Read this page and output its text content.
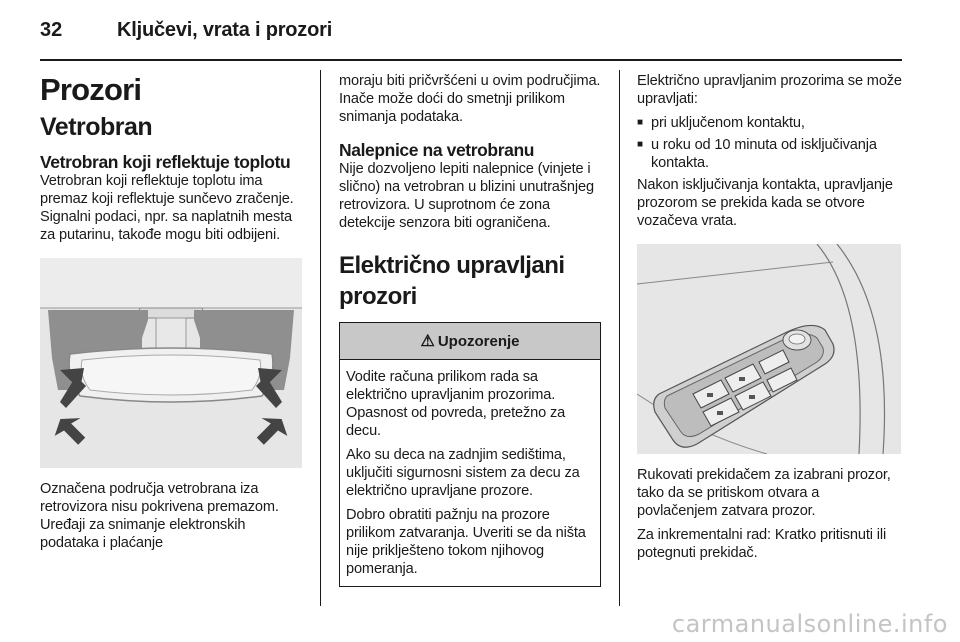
32	Ključevi, vrata i prozori
Prozori
Vetrobran
Vetrobran koji reflektuje toplotu

Vetrobran koji reflektuje toplotu ima premaz koji reflektuje sunčevo zračenje. Signalni podaci, npr. sa naplatnih mesta za putarinu, takođe mogu biti odbijeni.

Označena područja vetrobrana iza retrovizora nisu pokrivena premazom. Uređaji za snimanje elektronskih podataka i plaćanje

moraju biti pričvršćeni u ovim područjima. Inače može doći do smetnji prilikom snimanja podataka.

Nalepnice na vetrobranu

Nije dozvoljeno lepiti nalepnice (vinjete i slično) na vetrobran u blizini unutrašnjeg retrovizora. U suprotnom će zona detekcije senzora biti ograničena.

Električno upravljani prozori
⚠ Upozorenje

Vodite računa prilikom rada sa električno upravljanim prozorima. Opasnost od povreda, pretežno za decu.

Ako su deca na zadnjim sedištima, uključiti sigurnosni sistem za decu za električno upravljane prozore.

Dobro obratiti pažnju na prozore prilikom zatvaranja. Uveriti se da ništa nije priklješteno tokom njihovog pomeranja.

Električno upravljanim prozorima se može upravljati:

■ pri uključenom kontaktu,
■ u roku od 10 minuta od isključivanja kontakta.

Nakon isključivanja kontakta, upravljanje prozorom se prekida kada se otvore vozačeva vrata.

Rukovati prekidačem za izabrani prozor, tako da se pritiskom otvara a povlačenjem zatvara prozor.

Za inkrementalni rad: Kratko pritisnuti ili potegnuti prekidač.

carmanualsonline.info
